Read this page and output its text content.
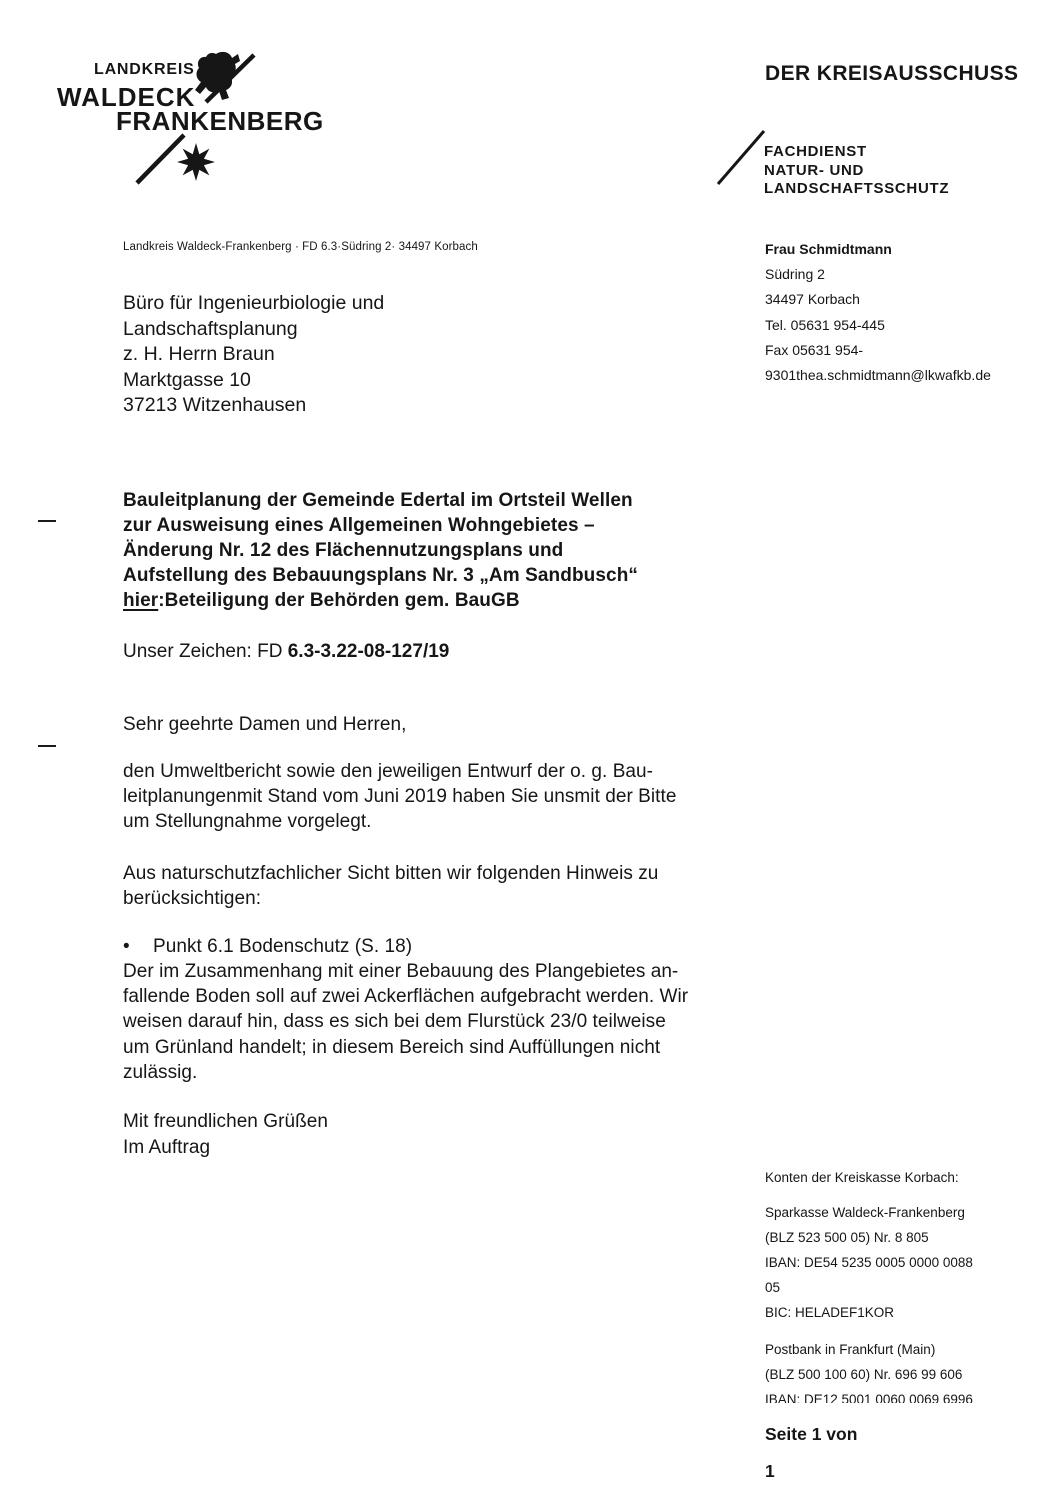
LANDKREIS
WALDECK
FRANKENBERG
DER KREISAUSSCHUSS
FACHDIENST
NATUR- UND
LANDSCHAFTSSCHUTZ
Landkreis Waldeck-Frankenberg · FD 6.3·Südring 2· 34497 Korbach
Büro für Ingenieurbiologie und
Landschaftsplanung
z. H. Herrn Braun
Marktgasse 10
37213 Witzenhausen
Frau Schmidtmann
Südring 2
34497 Korbach
Tel. 05631 954-445
Fax 05631 954-
9301thea.schmidtmann@lkwafkb.de
Bauleitplanung der Gemeinde Edertal im Ortsteil Wellen
zur Ausweisung eines Allgemeinen Wohngebietes –
Änderung Nr. 12 des Flächennutzungsplans und
Aufstellung des Bebauungsplans Nr. 3 „Am Sandbusch“
hier:Beteiligung der Behörden gem. BauGB
Unser Zeichen: FD 6.3-3.22-08-127/19
Sehr geehrte Damen und Herren,
den Umweltbericht sowie den jeweiligen Entwurf der o. g. Bau-
leitplanungenmit Stand vom Juni 2019 haben Sie unsmit der Bitte
um Stellungnahme vorgelegt.
Aus naturschutzfachlicher Sicht bitten wir folgenden Hinweis zu
berücksichtigen:
•	Punkt 6.1 Bodenschutz (S. 18)
Der im Zusammenhang mit einer Bebauung des Plangebietes an-
fallende Boden soll auf zwei Ackerflächen aufgebracht werden. Wir
weisen darauf hin, dass es sich bei dem Flurstück 23/0 teilweise
um Grünland handelt; in diesem Bereich sind Auffüllungen nicht
zulässig.
Mit freundlichen Grüßen
Im Auftrag
Konten der Kreiskasse Korbach:
Sparkasse Waldeck-Frankenberg
(BLZ 523 500 05) Nr. 8 805
IBAN: DE54 5235 0005 0000 0088
05
BIC: HELADEF1KOR
Postbank in Frankfurt (Main)
(BLZ 500 100 60) Nr. 696 99 606
IBAN: DE12 5001 0060 0069 6996
Seite 1 von
1
